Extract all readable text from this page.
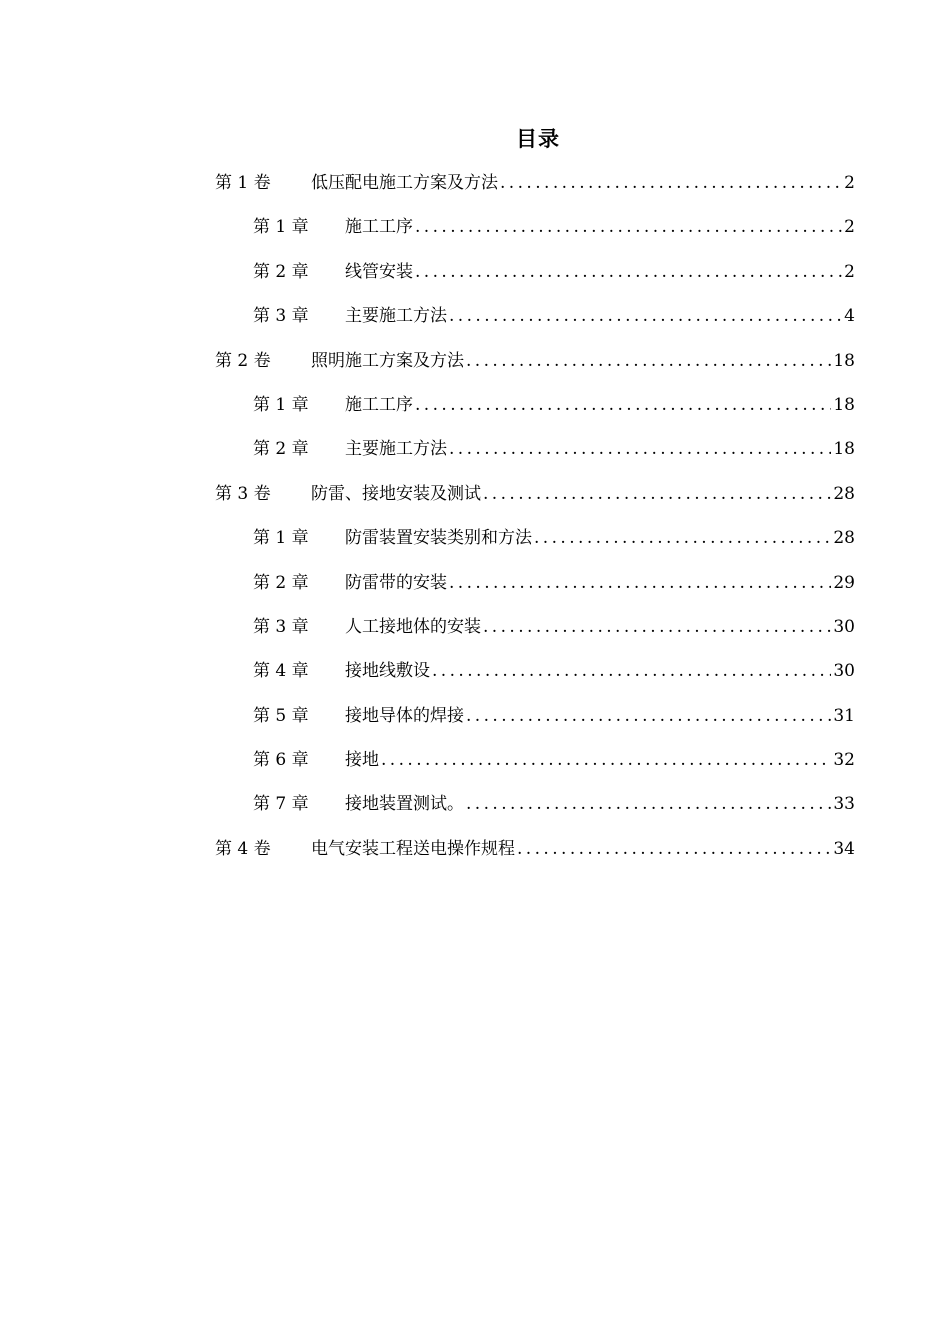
目录
第 1 卷	低压配电施工方案及方法 .....	2
第 1 章	施工工序 .....	2
第 2 章	线管安装 .....	2
第 3 章	主要施工方法 .....	4
第 2 卷	照明施工方案及方法 .....	18
第 1 章	施工工序 .....	18
第 2 章	主要施工方法 .....	18
第 3 卷	防雷、接地安装及测试 .....	28
第 1 章	防雷装置安装类别和方法 .....	28
第 2 章	防雷带的安装 .....	29
第 3 章	人工接地体的安装 .....	30
第 4 章	接地线敷设 .....	30
第 5 章	接地导体的焊接 .....	31
第 6 章	接地 .....	32
第 7 章	接地装置测试。 .....	33
第 4 卷	电气安装工程送电操作规程 .....	34
